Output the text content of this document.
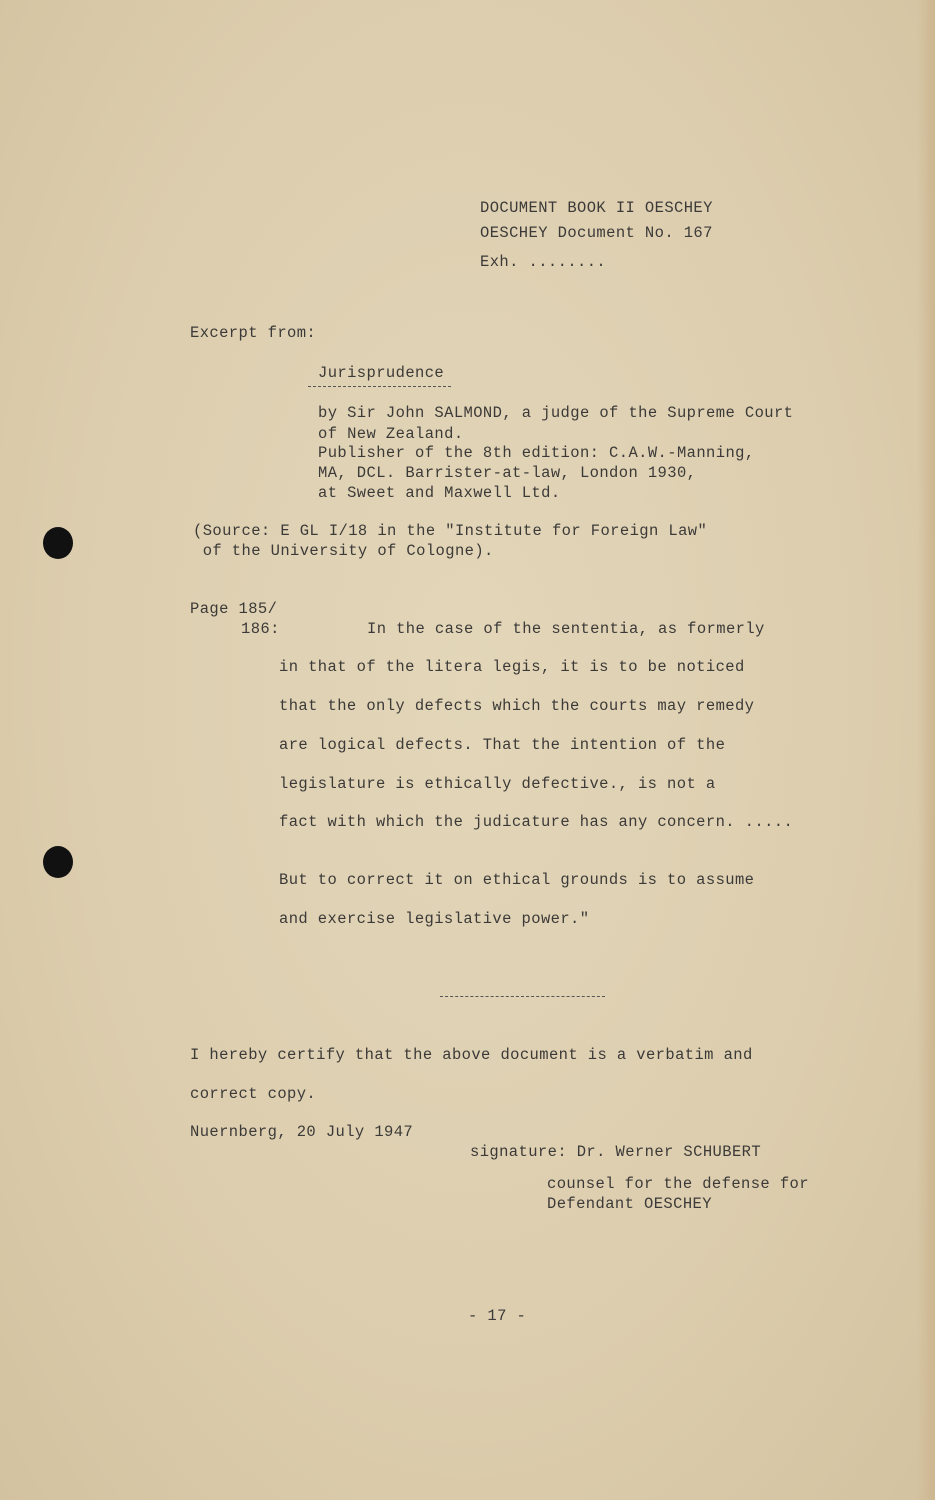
DOCUMENT BOOK II OESCHEY
OESCHEY Document No. 167
Exh. ........
Excerpt from:
Jurisprudence
by Sir John SALMOND, a judge of the Supreme Court
of New Zealand.
Publisher of the 8th edition: C.A.W.-Manning,
MA, DCL. Barrister-at-law, London 1930,
at Sweet and Maxwell Ltd.
(Source: E GL I/18 in the "Institute for Foreign Law"
of the University of Cologne).
Page 185/
186:	In the case of the sententia, as formerly
in that of the litera legis, it is to be noticed
that the only defects which the courts may remedy
are logical defects. That the intention of the
legislature is ethically defective., is not a
fact with which the judicature has any concern. .....
But to correct it on ethical grounds is to assume
and exercise legislative power."
I hereby certify that the above document is a verbatim and
correct copy.
Nuernberg, 20 July 1947
signature: Dr. Werner SCHUBERT
counsel for the defense for
Defendant OESCHEY
- 17 -
